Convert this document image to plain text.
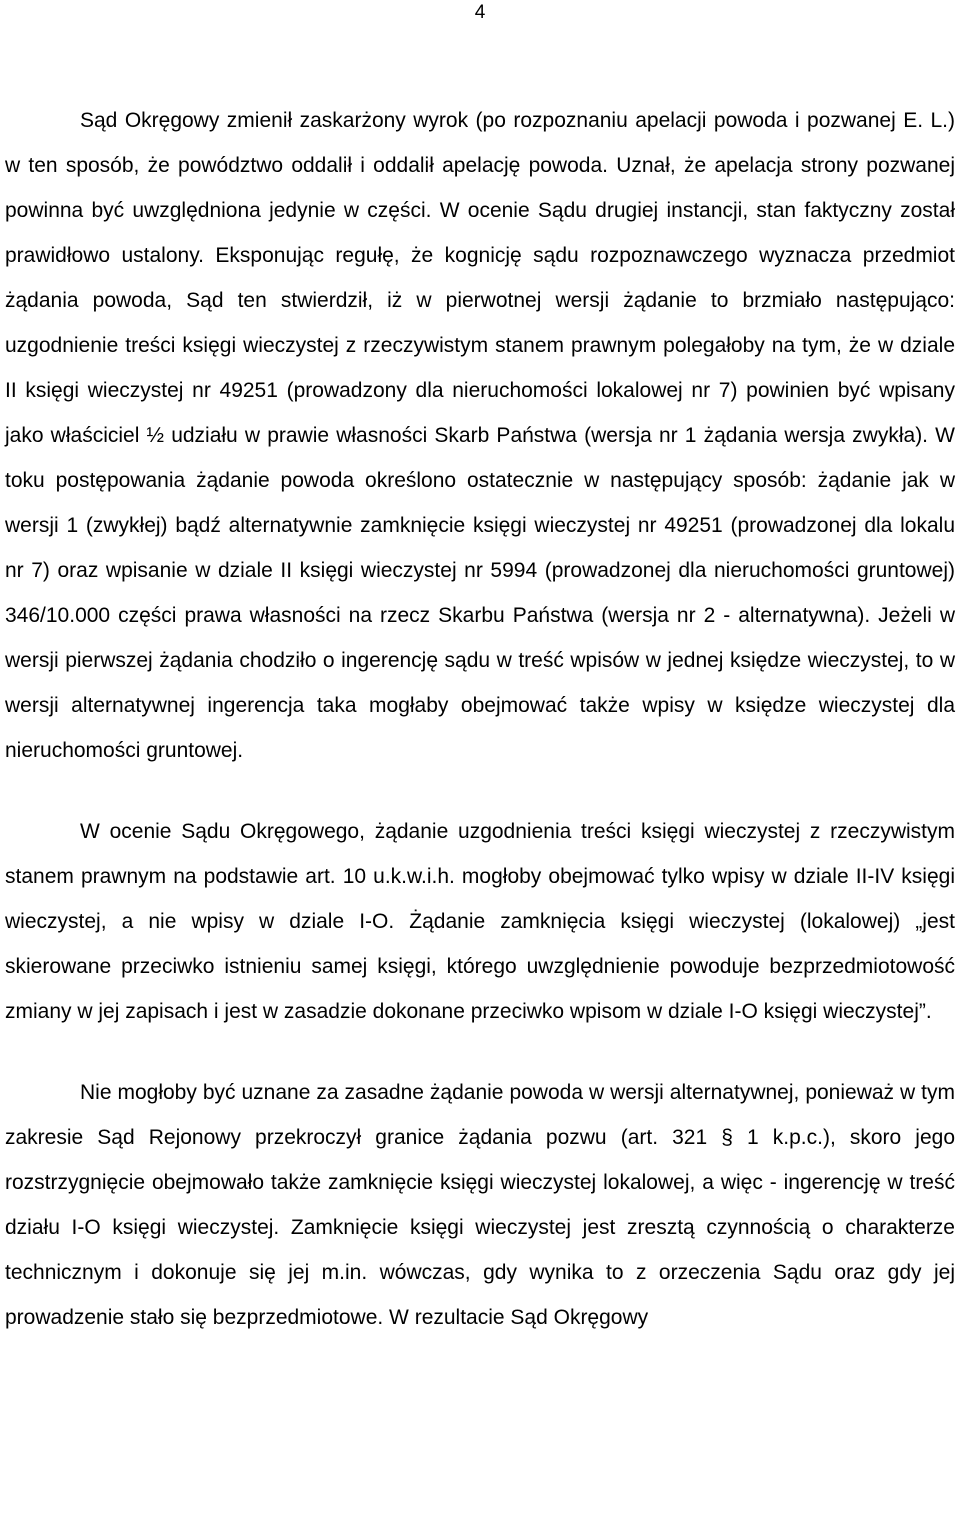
4

Sąd Okręgowy zmienił zaskarżony wyrok (po rozpoznaniu apelacji powoda i pozwanej E. L.) w ten sposób, że powództwo oddalił i oddalił apelację powoda. Uznał, że apelacja strony pozwanej powinna być uwzględniona jedynie w części. W ocenie Sądu drugiej instancji, stan faktyczny został prawidłowo ustalony. Eksponując regułę, że kognicję sądu rozpoznawczego wyznacza przedmiot żądania powoda, Sąd ten stwierdził, iż w pierwotnej wersji żądanie to brzmiało następująco: uzgodnienie treści księgi wieczystej z rzeczywistym stanem prawnym polegałoby na tym, że w dziale II księgi wieczystej nr 49251 (prowadzony dla nieruchomości lokalowej nr 7) powinien być wpisany jako właściciel ½ udziału w prawie własności Skarb Państwa (wersja nr 1 żądania wersja zwykła). W toku postępowania żądanie powoda określono ostatecznie w następujący sposób: żądanie jak w wersji 1 (zwykłej) bądź alternatywnie zamknięcie księgi wieczystej nr 49251 (prowadzonej dla lokalu nr 7) oraz wpisanie w dziale II księgi wieczystej nr 5994 (prowadzonej dla nieruchomości gruntowej) 346/10.000 części prawa własności na rzecz Skarbu Państwa (wersja nr 2 - alternatywna). Jeżeli w wersji pierwszej żądania chodziło o ingerencję sądu w treść wpisów w jednej księdze wieczystej, to w wersji alternatywnej ingerencja taka mogłaby obejmować także wpisy w księdze wieczystej dla nieruchomości gruntowej.

W ocenie Sądu Okręgowego, żądanie uzgodnienia treści księgi wieczystej z rzeczywistym stanem prawnym na podstawie art. 10 u.k.w.i.h. mogłoby obejmować tylko wpisy w dziale II-IV księgi wieczystej, a nie wpisy w dziale I-O. Żądanie zamknięcia księgi wieczystej (lokalowej) „jest skierowane przeciwko istnieniu samej księgi, którego uwzględnienie powoduje bezprzedmiotowość zmiany w jej zapisach i jest w zasadzie dokonane przeciwko wpisom w dziale I-O księgi wieczystej”.

Nie mogłoby być uznane za zasadne żądanie powoda w wersji alternatywnej, ponieważ w tym zakresie Sąd Rejonowy przekroczył granice żądania pozwu (art. 321 § 1 k.p.c.), skoro jego rozstrzygnięcie obejmowało także zamknięcie księgi wieczystej lokalowej, a więc - ingerencję w treść działu I-O księgi wieczystej. Zamknięcie księgi wieczystej jest zresztą czynnością o charakterze technicznym i dokonuje się jej m.in. wówczas, gdy wynika to z orzeczenia Sądu oraz gdy jej prowadzenie stało się bezprzedmiotowe. W rezultacie Sąd Okręgowy
